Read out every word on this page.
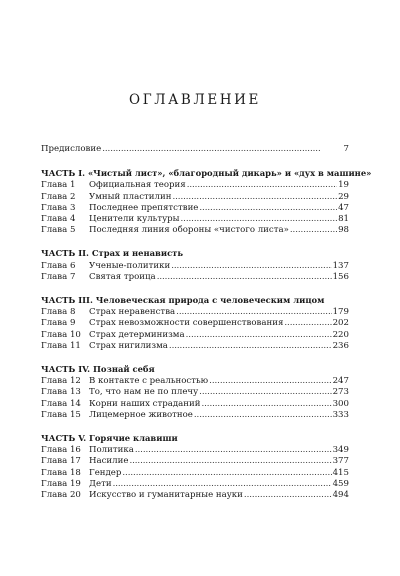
ОГЛАВЛЕНИЕ
Предисловие . . .	7
ЧАСТЬ I. «Чистый лист», «благородный дикарь» и «дух в машине»
Глава 1	Официальная теория . . .	19
Глава 2	Умный пластилин . . .	29
Глава 3	Последнее препятствие . . .	47
Глава 4	Ценители культуры . . .	81
Глава 5	Последняя линия обороны «чистого листа» . . .	98
ЧАСТЬ II. Страх и ненависть
Глава 6	Ученые-политики . . .	137
Глава 7	Святая троица . . .	156
ЧАСТЬ III. Человеческая природа с человеческим лицом
Глава 8	Страх неравенства . . .	179
Глава 9	Страх невозможности совершенствования . . .	202
Глава 10 Страх детерминизма . . .	220
Глава 11 Страх нигилизма . . .	236
ЧАСТЬ IV. Познай себя
Глава 12 В контакте с реальностью . . .	247
Глава 13 То, что нам не по плечу . . .	273
Глава 14 Корни наших страданий . . .	300
Глава 15 Лицемерное животное . . .	333
ЧАСТЬ V. Горячие клавиши
Глава 16 Политика . . .	349
Глава 17 Насилие . . .	377
Глава 18 Гендер . . .	415
Глава 19 Дети . . .	459
Глава 20 Искусство и гуманитарные науки . . .	494
